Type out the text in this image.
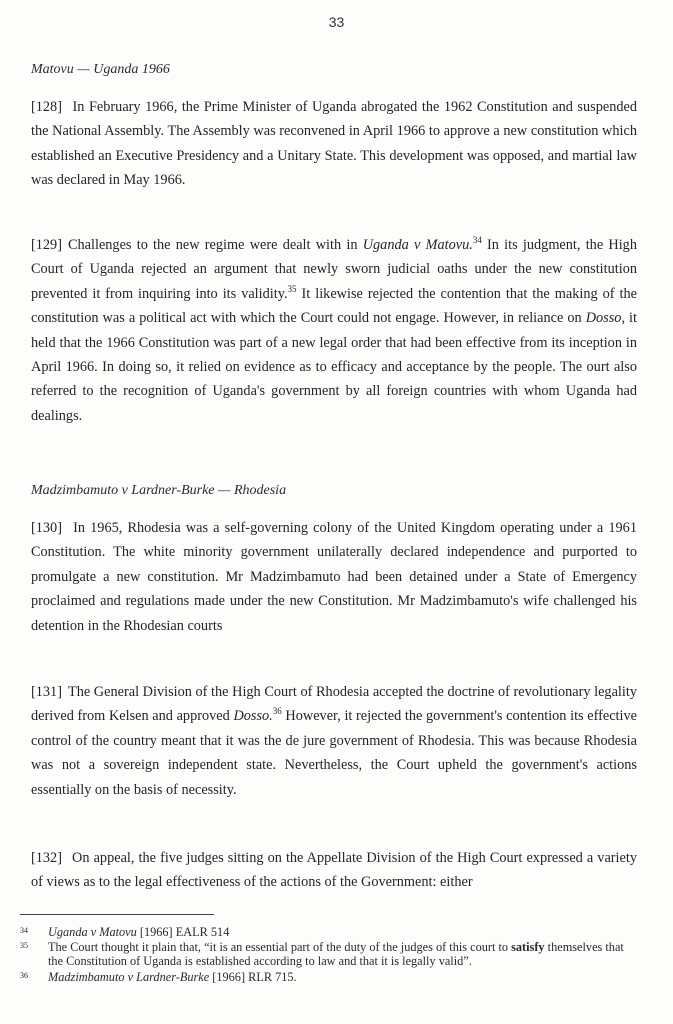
33
Matovu — Uganda 1966
[128] In February 1966, the Prime Minister of Uganda abrogated the 1962 Constitution and suspended the National Assembly. The Assembly was reconvened in April 1966 to approve a new constitution which established an Executive Presidency and a Unitary State. This development was opposed, and martial law was declared in May 1966.
[129] Challenges to the new regime were dealt with in Uganda v Matovu.$^{34}$ In its judgment, the High Court of Uganda rejected an argument that newly sworn judicial oaths under the new constitution prevented it from inquiring into its validity.$^{35}$ It likewise rejected the contention that the making of the constitution was a political act with which the Court could not engage. However, in reliance on Dosso, it held that the 1966 Constitution was part of a new legal order that had been effective from its inception in April 1966. In doing so, it relied on evidence as to efficacy and acceptance by the people. The ourt also referred to the recognition of Uganda's government by all foreign countries with whom Uganda had dealings.
Madzimbamuto v Lardner-Burke — Rhodesia
[130] In 1965, Rhodesia was a self-governing colony of the United Kingdom operating under a 1961 Constitution. The white minority government unilaterally declared independence and purported to promulgate a new constitution. Mr Madzimbamuto had been detained under a State of Emergency proclaimed and regulations made under the new Constitution. Mr Madzimbamuto's wife challenged his detention in the Rhodesian courts
[131] The General Division of the High Court of Rhodesia accepted the doctrine of revolutionary legality derived from Kelsen and approved Dosso.$^{36}$ However, it rejected the government's contention its effective control of the country meant that it was the de jure government of Rhodesia. This was because Rhodesia was not a sovereign independent state. Nevertheless, the Court upheld the government's actions essentially on the basis of necessity.
[132] On appeal, the five judges sitting on the Appellate Division of the High Court expressed a variety of views as to the legal effectiveness of the actions of the Government: either
34 Uganda v Matovu [1966] EALR 514
35 The Court thought it plain that, “it is an essential part of the duty of the judges of this court to satisfy themselves that the Constitution of Uganda is established according to law and that it is legally valid”.
36 Madzimbamuto v Lardner-Burke [1966] RLR 715.
